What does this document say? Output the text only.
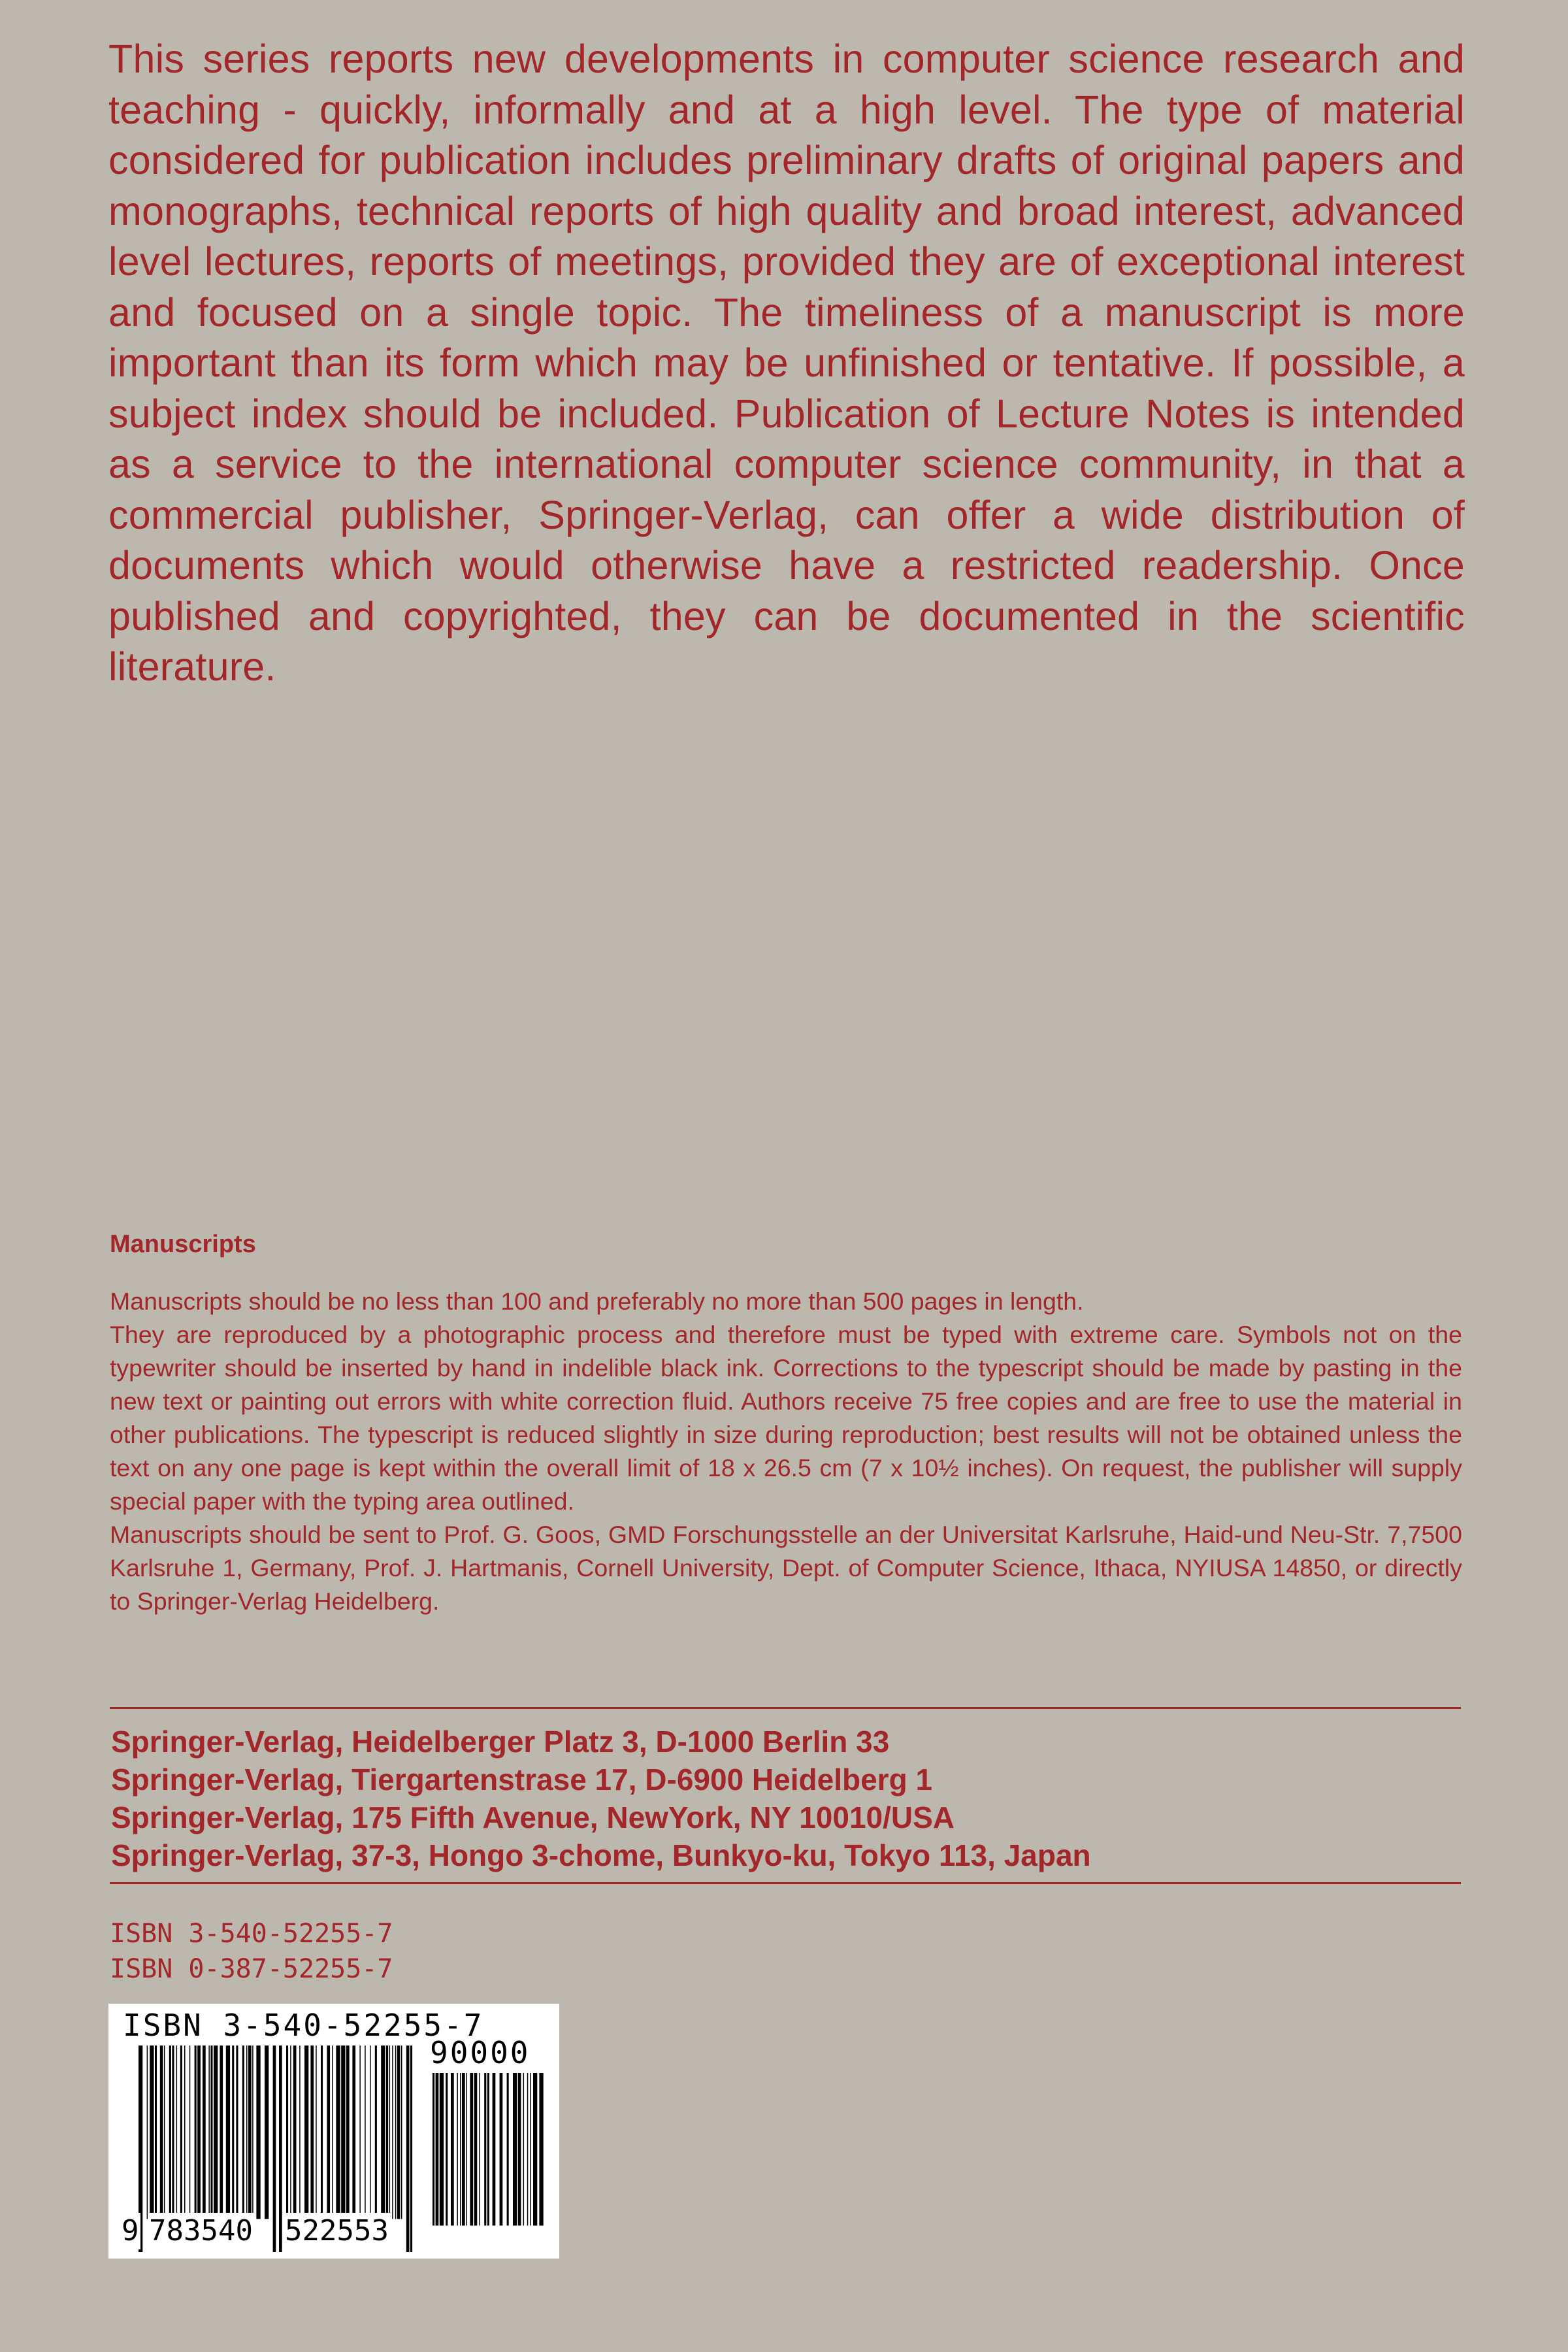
This series reports new developments in computer science research and teaching - quickly, informally and at a high level. The type of material considered for publication includes preliminary drafts of original papers and monographs, technical reports of high quality and broad interest, advanced level lectures, reports of meetings, provided they are of exceptional interest and focused on a single topic. The timeliness of a manuscript is more important than its form which may be unfinished or tentative. If possible, a subject index should be included. Publication of Lecture Notes is intended as a service to the international computer science community, in that a commercial publisher, Springer-Verlag, can offer a wide distribution of documents which would otherwise have a restricted readership. Once published and copyrighted, they can be documented in the scientific literature.

Manuscripts

Manuscripts should be no less than 100 and preferably no more than 500 pages in length.

They are reproduced by a photographic process and therefore must be typed with extreme care. Symbols not on the typewriter should be inserted by hand in indelible black ink. Corrections to the typescript should be made by pasting in the new text or painting out errors with white correction fluid. Authors receive 75 free copies and are free to use the material in other publications. The typescript is reduced slightly in size during reproduction; best results will not be obtained unless the text on any one page is kept within the overall limit of 18 x 26.5 cm (7 x 10½ inches). On request, the publisher will supply special paper with the typing area outlined.

Manuscripts should be sent to Prof. G. Goos, GMD Forschungsstelle an der Universitat Karlsruhe, Haid-und Neu-Str. 7,7500 Karlsruhe 1, Germany, Prof. J. Hartmanis, Cornell University, Dept. of Computer Science, Ithaca, NYIUSA 14850, or directly to Springer-Verlag Heidelberg.

Springer-Verlag, Heidelberger Platz 3, D-1000 Berlin 33
Springer-Verlag, Tiergartenstrase 17, D-6900 Heidelberg 1
Springer-Verlag, 175 Fifth Avenue, NewYork, NY 10010/USA
Springer-Verlag, 37-3, Hongo 3-chome, Bunkyo-ku, Tokyo 113, Japan
ISBN 3-540-52255-7
ISBN 0-387-52255-7
ISBN 3-540-52255-7
90000
9 783540 522553
